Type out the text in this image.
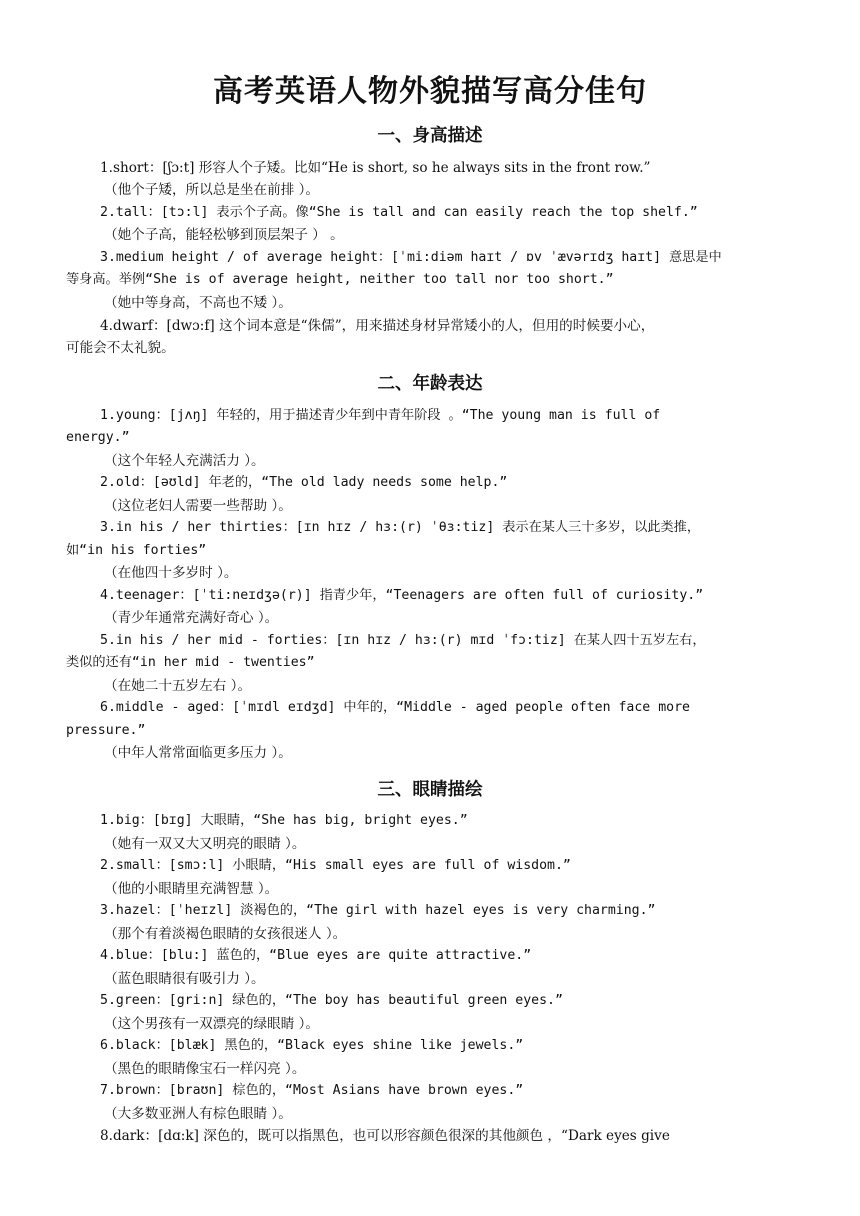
高考英语人物外貌描写高分佳句
一、身高描述
1.short：[ʃɔ:t] 形容人个子矮。比如“He is short, so he always sits in the front row.”
（他个子矮，所以总是坐在前排 ）。
2.tall：[tɔ:l] 表示个子高。像“She is tall and can easily reach the top shelf.”
（她个子高，能轻松够到顶层架子 ） 。
3.medium height / of average height：[ˈmi:diəm haɪt / ɒv ˈævərɪdʒ haɪt] 意思是中
等身高。举例“She is of average height, neither too tall nor too short.”
（她中等身高，不高也不矮 ）。
4.dwarf：[dwɔ:f] 这个词本意是“侏儒”，用来描述身材异常矮小的人，但用的时候要小心，
可能会不太礼貌。
二、年龄表达
1.young：[jʌŋ] 年轻的，用于描述青少年到中青年阶段 。“The young man is full of
energy.”
（这个年轻人充满活力 ）。
2.old：[əʊld] 年老的，“The old lady needs some help.”
（这位老妇人需要一些帮助 ）。
3.in his / her thirties：[ɪn hɪz / hɜ:(r) ˈθɜ:tiz] 表示在某人三十多岁，以此类推，
如“in his forties”
（在他四十多岁时 ）。
4.teenager：[ˈti:neɪdʒə(r)] 指青少年，“Teenagers are often full of curiosity.”
（青少年通常充满好奇心 ）。
5.in his / her mid - forties：[ɪn hɪz / hɜ:(r) mɪd ˈfɔ:tiz] 在某人四十五岁左右，
类似的还有“in her mid - twenties”
（在她二十五岁左右 ）。
6.middle - aged：[ˈmɪdl eɪdʒd] 中年的，“Middle - aged people often face more
pressure.”
（中年人常常面临更多压力 ）。
三、眼睛描绘
1.big：[bɪg] 大眼睛，“She has big, bright eyes.”
（她有一双又大又明亮的眼睛 ）。
2.small：[smɔ:l] 小眼睛，“His small eyes are full of wisdom.”
（他的小眼睛里充满智慧 ）。
3.hazel：[ˈheɪzl] 淡褐色的，“The girl with hazel eyes is very charming.”
（那个有着淡褐色眼睛的女孩很迷人 ）。
4.blue：[blu:] 蓝色的，“Blue eyes are quite attractive.”
（蓝色眼睛很有吸引力 ）。
5.green：[gri:n] 绿色的，“The boy has beautiful green eyes.”
（这个男孩有一双漂亮的绿眼睛 ）。
6.black：[blæk] 黑色的，“Black eyes shine like jewels.”
（黑色的眼睛像宝石一样闪亮 ）。
7.brown：[braʊn] 棕色的，“Most Asians have brown eyes.”
（大多数亚洲人有棕色眼睛 ）。
8.dark：[dɑ:k] 深色的，既可以指黑色，也可以形容颜色很深的其他颜色 ，“Dark eyes give
